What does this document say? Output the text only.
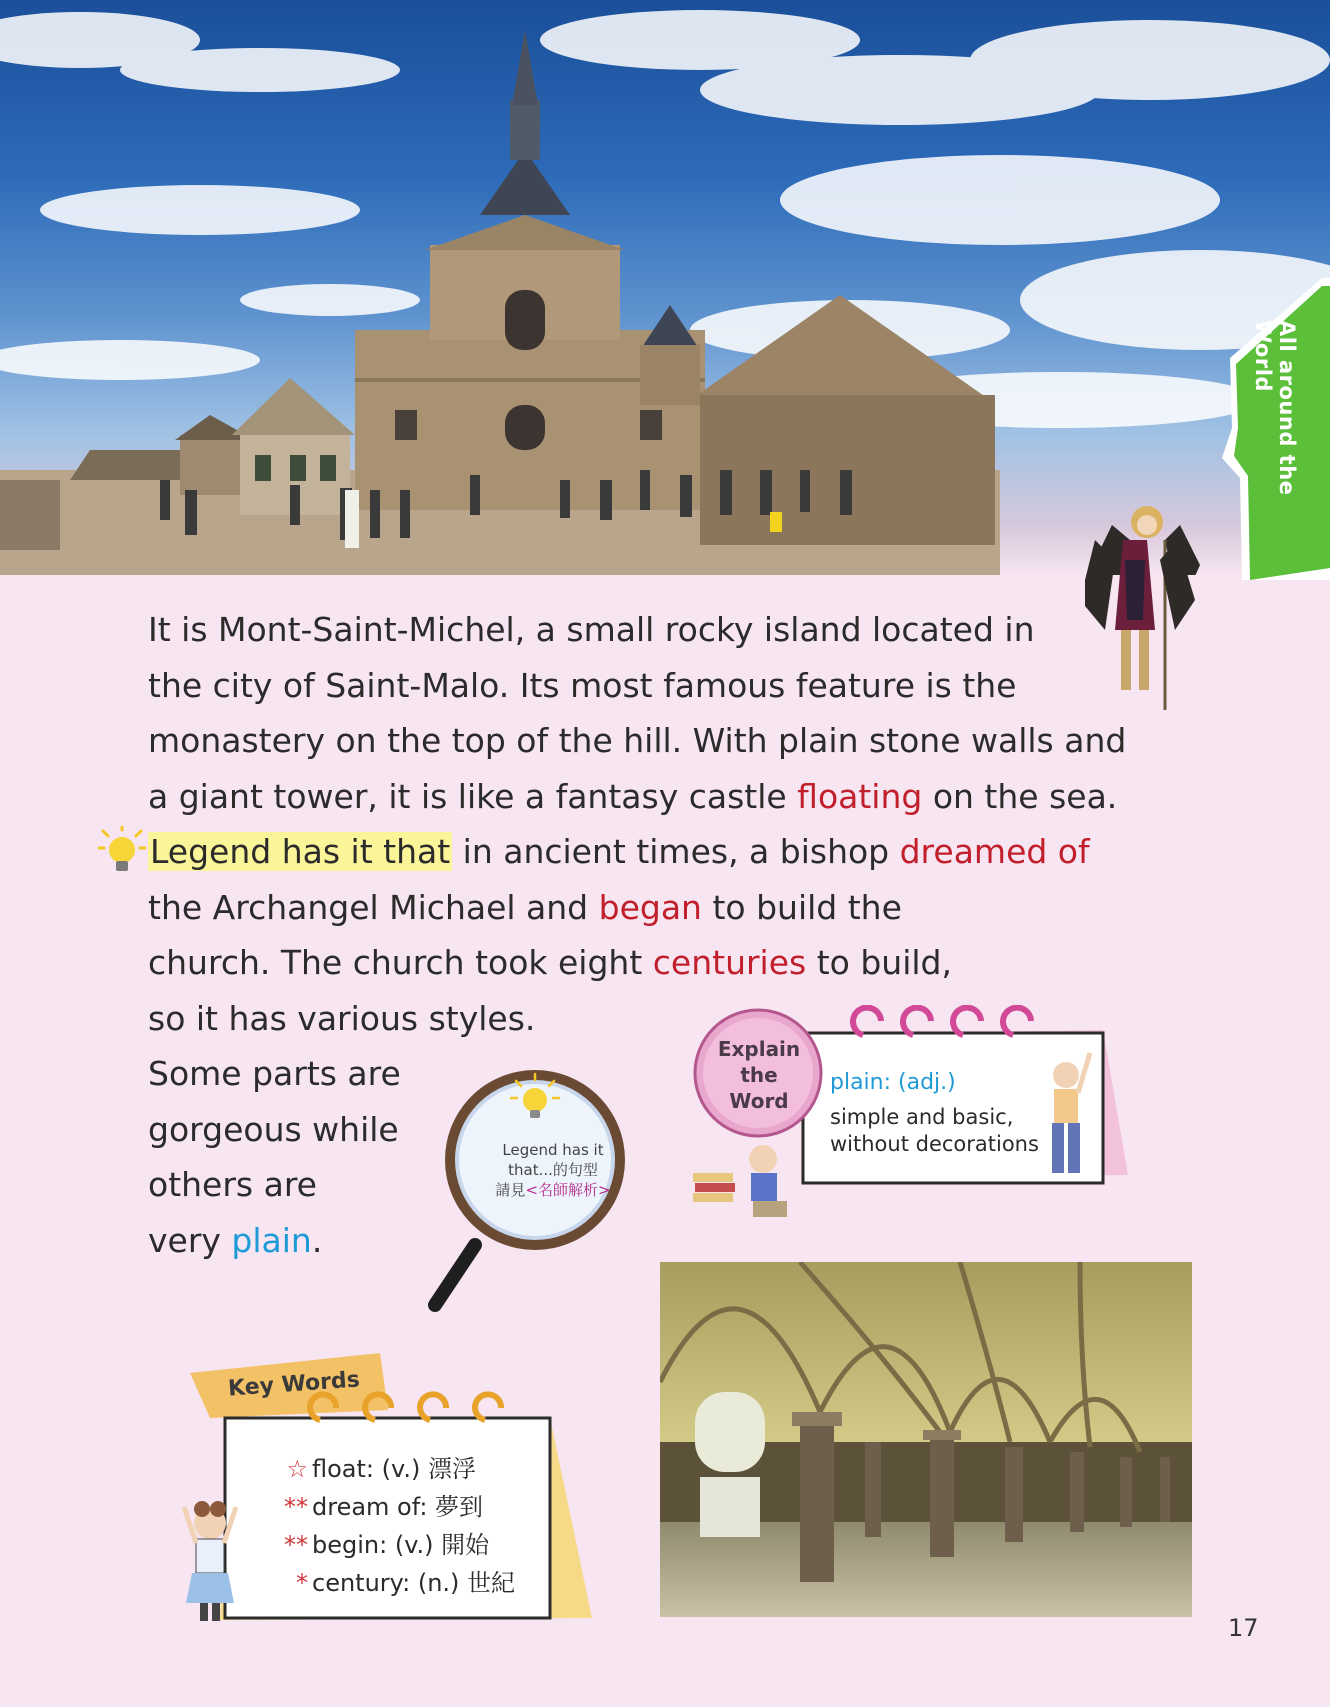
All around the World
It is Mont-Saint-Michel, a small rocky island located in
the city of Saint-Malo. Its most famous feature is the
monastery on the top of the hill. With plain stone walls and
a giant tower, it is like a fantasy castle floating on the sea.
Legend has it that in ancient times, a bishop dreamed of
the Archangel Michael and began to build the
church. The church took eight centuries to build,
so it has various styles.
Some parts are
gorgeous while
others are
very plain.
Legend has it
that...的句型
請見<名師解析>
Explain
the
Word
plain: (adj.)
simple and basic,
without decorations
Key Words
☆ float: (v.) 漂浮
** dream of: 夢到
** begin: (v.) 開始
* century: (n.) 世紀
17
